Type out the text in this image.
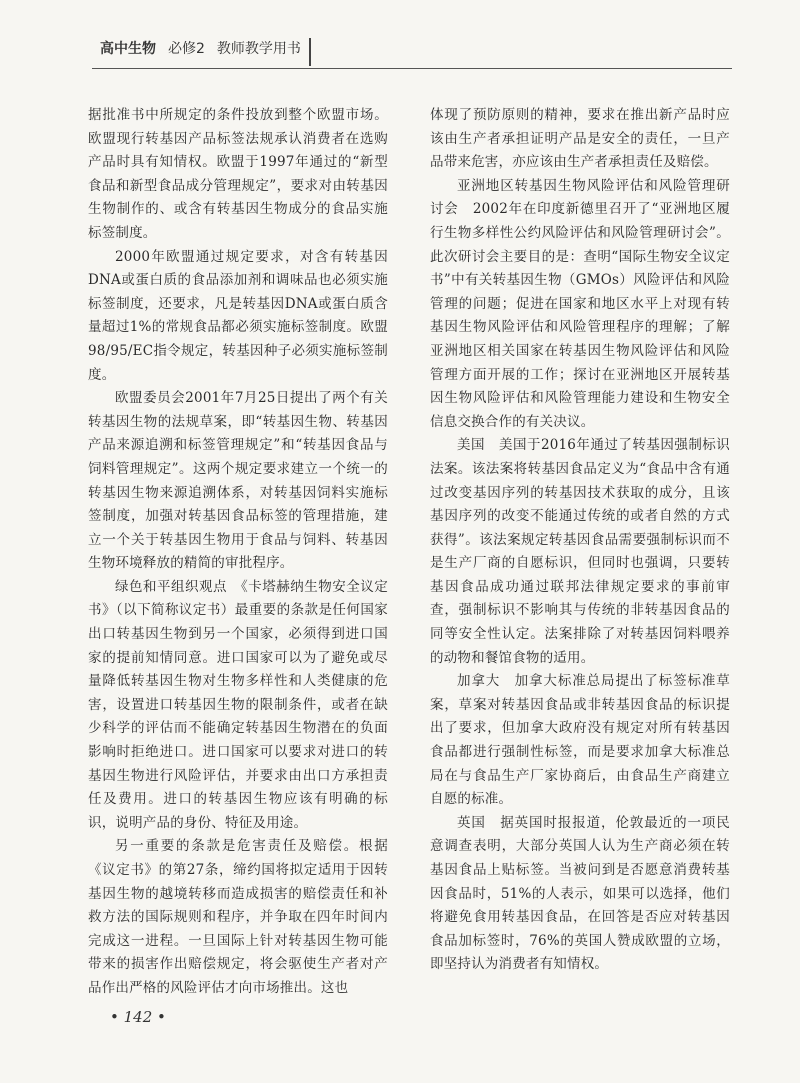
高中生物 必修2 教师教学用书

据批准书中所规定的条件投放到整个欧盟市场。欧盟现行转基因产品标签法规承认消费者在选购产品时具有知情权。欧盟于1997年通过的“新型食品和新型食品成分管理规定”，要求对由转基因生物制作的、或含有转基因生物成分的食品实施标签制度。

2000年欧盟通过规定要求，对含有转基因DNA或蛋白质的食品添加剂和调味品也必须实施标签制度，还要求，凡是转基因DNA或蛋白质含量超过1%的常规食品都必须实施标签制度。欧盟98/95/EC指令规定，转基因种子必须实施标签制度。

欧盟委员会2001年7月25日提出了两个有关转基因生物的法规草案，即“转基因生物、转基因产品来源追溯和标签管理规定”和“转基因食品与饲料管理规定”。这两个规定要求建立一个统一的转基因生物来源追溯体系，对转基因饲料实施标签制度，加强对转基因食品标签的管理措施，建立一个关于转基因生物用于食品与饲料、转基因生物环境释放的精简的审批程序。

绿色和平组织观点　《卡塔赫纳生物安全议定书》（以下简称议定书）最重要的条款是任何国家出口转基因生物到另一个国家，必须得到进口国家的提前知情同意。进口国家可以为了避免或尽量降低转基因生物对生物多样性和人类健康的危害，设置进口转基因生物的限制条件，或者在缺少科学的评估而不能确定转基因生物潜在的负面影响时拒绝进口。进口国家可以要求对进口的转基因生物进行风险评估，并要求由出口方承担责任及费用。进口的转基因生物应该有明确的标识，说明产品的身份、特征及用途。

另一重要的条款是危害责任及赔偿。根据《议定书》的第27条，缔约国将拟定适用于因转基因生物的越境转移而造成损害的赔偿责任和补救方法的国际规则和程序，并争取在四年时间内完成这一进程。一旦国际上针对转基因生物可能带来的损害作出赔偿规定，将会驱使生产者对产品作出严格的风险评估才向市场推出。这也

体现了预防原则的精神，要求在推出新产品时应该由生产者承担证明产品是安全的责任，一旦产品带来危害，亦应该由生产者承担责任及赔偿。

亚洲地区转基因生物风险评估和风险管理研讨会　2002年在印度新德里召开了“亚洲地区履行生物多样性公约风险评估和风险管理研讨会”。此次研讨会主要目的是：查明“国际生物安全议定书”中有关转基因生物（GMOs）风险评估和风险管理的问题；促进在国家和地区水平上对现有转基因生物风险评估和风险管理程序的理解；了解亚洲地区相关国家在转基因生物风险评估和风险管理方面开展的工作；探讨在亚洲地区开展转基因生物风险评估和风险管理能力建设和生物安全信息交换合作的有关决议。

美国　美国于2016年通过了转基因强制标识法案。该法案将转基因食品定义为“食品中含有通过改变基因序列的转基因技术获取的成分，且该基因序列的改变不能通过传统的或者自然的方式获得”。该法案规定转基因食品需要强制标识而不是生产厂商的自愿标识，但同时也强调，只要转基因食品成功通过联邦法律规定要求的事前审查，强制标识不影响其与传统的非转基因食品的同等安全性认定。法案排除了对转基因饲料喂养的动物和餐馆食物的适用。

加拿大　加拿大标准总局提出了标签标准草案，草案对转基因食品或非转基因食品的标识提出了要求，但加拿大政府没有规定对所有转基因食品都进行强制性标签，而是要求加拿大标准总局在与食品生产厂家协商后，由食品生产商建立自愿的标准。

英国　据英国时报报道，伦敦最近的一项民意调查表明，大部分英国人认为生产商必须在转基因食品上贴标签。当被问到是否愿意消费转基因食品时，51%的人表示，如果可以选择，他们将避免食用转基因食品，在回答是否应对转基因食品加标签时，76%的英国人赞成欧盟的立场，即坚持认为消费者有知情权。

• 142 •
